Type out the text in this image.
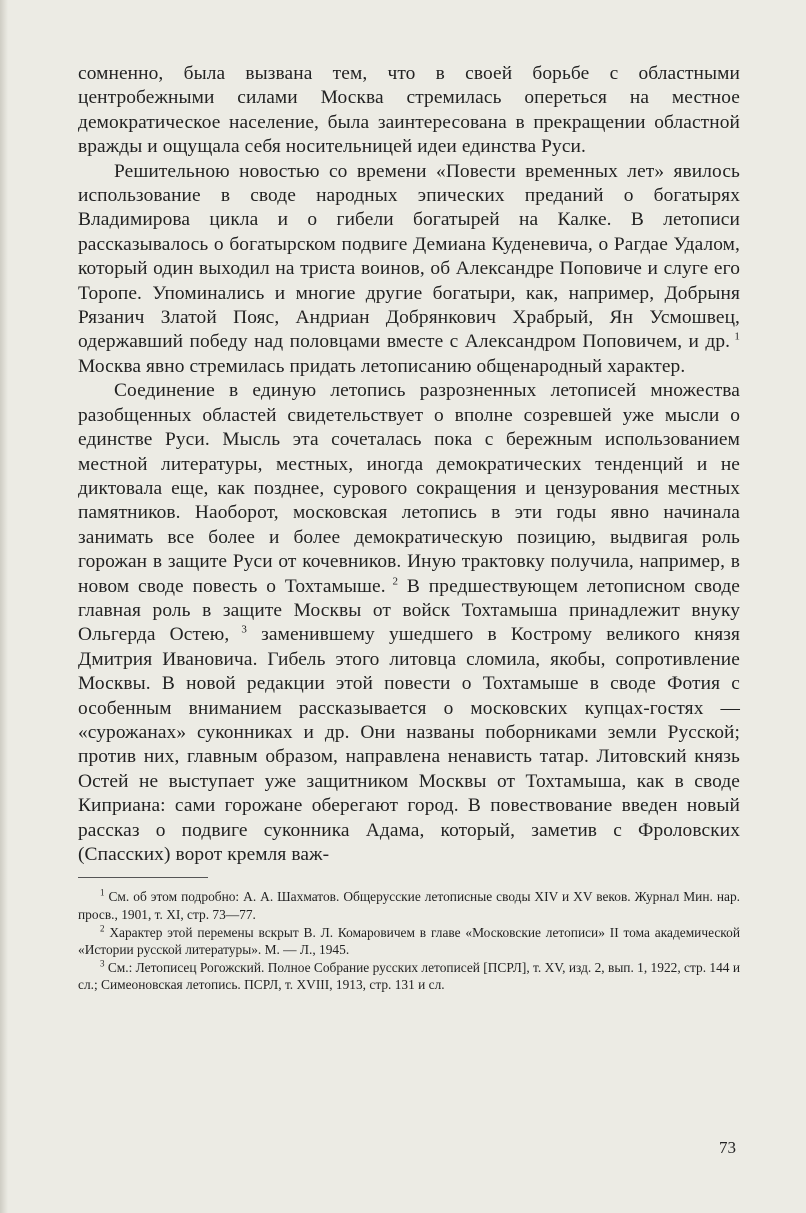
сомненно, была вызвана тем, что в своей борьбе с областными центробежными силами Москва стремилась опереться на местное демократическое население, была заинтересована в прекращении областной вражды и ощущала себя носительницей идеи единства Руси.

Решительною новостью со времени «Повести временных лет» явилось использование в своде народных эпических преданий о богатырях Владимирова цикла и о гибели богатырей на Калке. В летописи рассказывалось о богатырском подвиге Демиана Куденевича, о Рагдае Удалом, который один выходил на триста воинов, об Александре Поповиче и слуге его Торопе. Упоминались и многие другие богатыри, как, например, Добрыня Рязанич Златой Пояс, Андриан Добрянкович Храбрый, Ян Усмошвец, одержавший победу над половцами вместе с Александром Поповичем, и др. $^1$ Москва явно стремилась придать летописанию общенародный характер.

Соединение в единую летопись разрозненных летописей множества разобщенных областей свидетельствует о вполне созревшей уже мысли о единстве Руси. Мысль эта сочеталась пока с бережным использованием местной литературы, местных, иногда демократических тенденций и не диктовала еще, как позднее, сурового сокращения и цензурования местных памятников. Наоборот, московская летопись в эти годы явно начинала занимать все более и более демократическую позицию, выдвигая роль горожан в защите Руси от кочевников. Иную трактовку получила, например, в новом своде повесть о Тохтамыше. $^2$ В предшествующем летописном своде главная роль в защите Москвы от войск Тохтамыша принадлежит внуку Ольгерда Остею, $^3$ заменившему ушедшего в Кострому великого князя Дмитрия Ивановича. Гибель этого литовца сломила, якобы, сопротивление Москвы. В новой редакции этой повести о Тохтамыше в своде Фотия с особенным вниманием рассказывается о московских купцах-гостях — «сурожанах» суконниках и др. Они названы поборниками земли Русской; против них, главным образом, направлена ненависть татар. Литовский князь Остей не выступает уже защитником Москвы от Тохтамыша, как в своде Киприана: сами горожане оберегают город. В повествование введен новый рассказ о подвиге суконника Адама, который, заметив с Фроловских (Спасских) ворот кремля важ-

$^1$ См. об этом подробно: А. А. Шахматов. Общерусские летописные своды XIV и XV веков. Журнал Мин. нар. просв., 1901, т. XI, стр. 73—77.

$^2$ Характер этой перемены вскрыт В. Л. Комаровичем в главе «Московские летописи» II тома академической «Истории русской литературы». М. — Л., 1945.

$^3$ См.: Летописец Рогожский. Полное Собрание русских летописей [ПСРЛ], т. XV, изд. 2, вып. 1, 1922, стр. 144 и сл.; Симеоновская летопись. ПСРЛ, т. XVIII, 1913, стр. 131 и сл.

73
